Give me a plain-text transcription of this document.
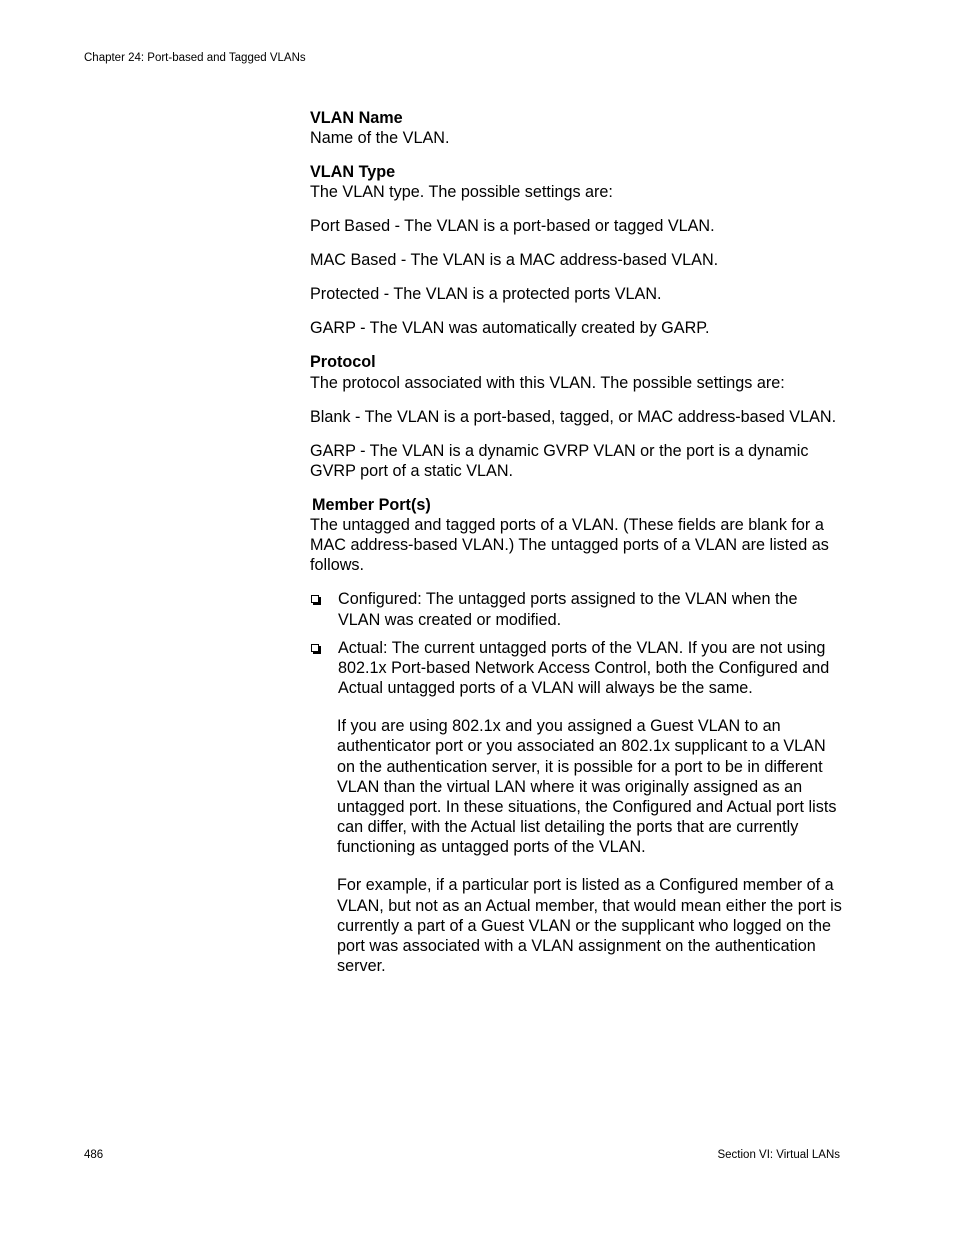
Chapter 24: Port-based and Tagged VLANs

VLAN Name

Name of the VLAN.

VLAN Type

The VLAN type. The possible settings are:

Port Based - The VLAN is a port-based or tagged VLAN.

MAC Based - The VLAN is a MAC address-based VLAN.

Protected - The VLAN is a protected ports VLAN.

GARP - The VLAN was automatically created by GARP.

Protocol

The protocol associated with this VLAN. The possible settings are:

Blank - The VLAN is a port-based, tagged, or MAC address-based VLAN.

GARP - The VLAN is a dynamic GVRP VLAN or the port is a dynamic GVRP port of a static VLAN.

Member Port(s)

The untagged and tagged ports of a VLAN. (These fields are blank for a MAC address-based VLAN.) The untagged ports of a VLAN are listed as follows.

Configured: The untagged ports assigned to the VLAN when the VLAN was created or modified.
Actual: The current untagged ports of the VLAN. If you are not using 802.1x Port-based Network Access Control, both the Configured and Actual untagged ports of a VLAN will always be the same.

If you are using 802.1x and you assigned a Guest VLAN to an authenticator port or you associated an 802.1x supplicant to a VLAN on the authentication server, it is possible for a port to be in different VLAN than the virtual LAN where it was originally assigned as an untagged port. In these situations, the Configured and Actual port lists can differ, with the Actual list detailing the ports that are currently functioning as untagged ports of the VLAN.

For example, if a particular port is listed as a Configured member of a VLAN, but not as an Actual member, that would mean either the port is currently a part of a Guest VLAN or the supplicant who logged on the port was associated with a VLAN assignment on the authentication server.

486	Section VI: Virtual LANs
